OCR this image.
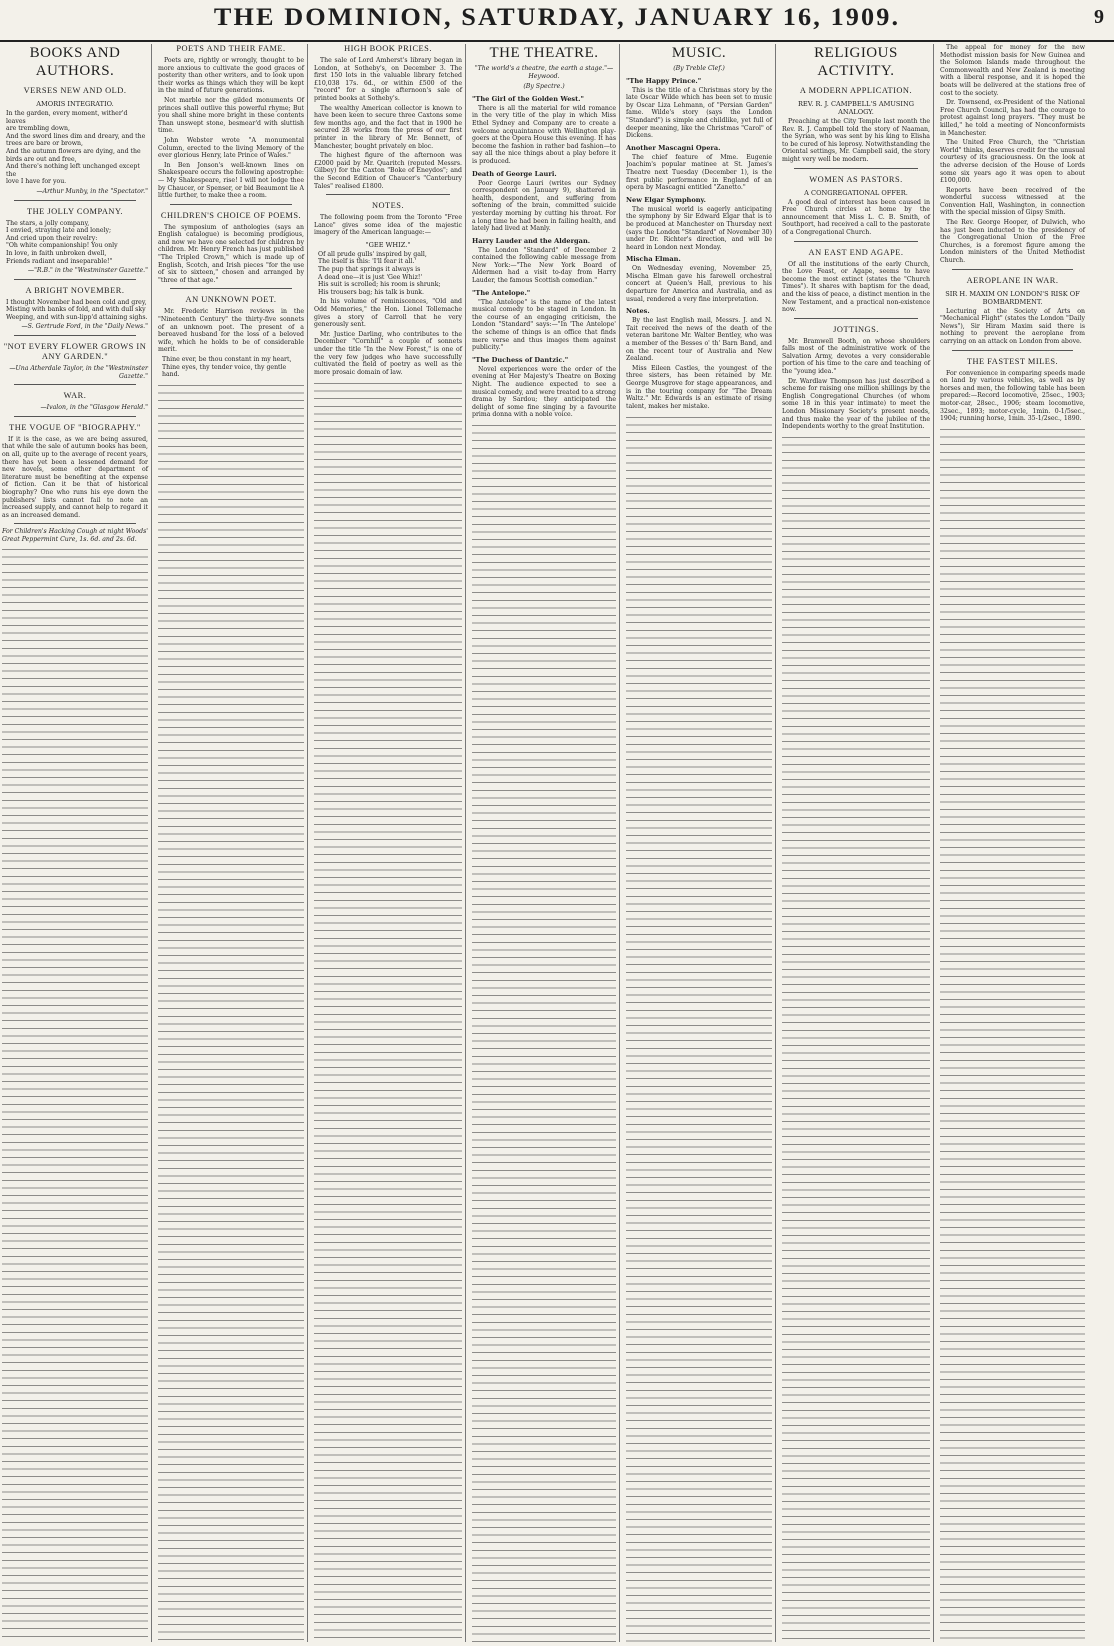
THE DOMINION, SATURDAY, JANUARY 16, 1909.	9
BOOKS AND AUTHORS.
VERSES NEW AND OLD.
AMORIS INTEGRATIO.

In the garden, every moment, wither'd leaves
are trembling down,
And the sword lines dim and dreary, and the
trees are bare or brown,
And the autumn flowers are dying, and the
birds are out and free,
And there's nothing left unchanged except the
love I have for you.

—Arthur Munby, in the "Spectator."

THE JOLLY COMPANY.

The stars, a jolly company,
I envied, straying late and lonely;
And cried upon their revelry:
"Oh white companionship! You only
In love, in faith unbroken dwell,
Friends radiant and inseparable!"

—"R.B." in the "Westminster Gazette."

A BRIGHT NOVEMBER.

I thought November had been cold and grey,
Misting with banks of fold, and with dull sky
Weeping, and with sun-lipp'd attaining sighs.

—S. Gertrude Ford, in the "Daily News."

"NOT EVERY FLOWER GROWS IN ANY GARDEN."

—Una Atherdale Taylor, in the "Westminster Gazette."

WAR.

—Ivalon, in the "Glasgow Herald."

THE VOGUE OF "BIOGRAPHY."

If it is the case, as we are being assured, that while the sale of autumn books has been, on all, quite up to the average of recent years, there has yet been a lessened demand for new novels, some other department of literature must be benefiting at the expense of fiction. Can it be that of historical biography? One who runs his eye down the publishers' lists cannot fail to note an increased supply, and cannot help to regard it as an increased demand.

For Children's Hacking Cough at night Woods' Great Peppermint Cure, 1s. 6d. and 2s. 6d.

POETS AND THEIR FAME.

Poets are, rightly or wrongly, thought to be more anxious to cultivate the good graces of posterity than other writers, and to look upon their works as things which they will be kept in the mind of future generations.

Not marble nor the gilded monuments Of princes shall outlive this powerful rhyme; But you shall shine more bright in these contents Than unswept stone, besmear'd with sluttish time.

John Webster wrote "A monumental Column, erected to the living Memory of the ever glorious Henry, late Prince of Wales."

In Ben Jonson's well-known lines on Shakespeare occurs the following apostrophe:— My Shakespeare, rise! I will not lodge thee by Chaucer, or Spenser, or bid Beaumont lie A little further, to make thee a room.

CHILDREN'S CHOICE OF POEMS.

The symposium of anthologies (says an English catalogue) is becoming prodigious, and now we have one selected for children by children. Mr. Henry French has just published "The Tripled Crown," which is made up of English, Scotch, and Irish pieces "for the use of six to sixteen," chosen and arranged by "three of that age."

AN UNKNOWN POET.

Mr. Frederic Harrison reviews in the "Nineteenth Century" the thirty-five sonnets of an unknown poet. The present of a bereaved husband for the loss of a beloved wife, which he holds to be of considerable merit.

Thine ever, be thou constant in my heart,
Thine eyes, thy tender voice, thy gentle hand.

HIGH BOOK PRICES.

The sale of Lord Amherst's library began in London, at Sotheby's, on December 3. The first 150 lots in the valuable library fetched £10,038 17s. 6d., or within £500 of the "record" for a single afternoon's sale of printed books at Sotheby's.

The wealthy American collector is known to have been keen to secure three Caxtons some few months ago, and the fact that in 1900 he secured 28 works from the press of our first printer in the library of Mr. Bennett, of Manchester, bought privately en bloc.

The highest figure of the afternoon was £2000 paid by Mr. Quaritch (reputed Messrs. Gilbey) for the Caxton "Boke of Eneydos"; and the Second Edition of Chaucer's "Canterbury Tales" realised £1800.

NOTES.

The following poem from the Toronto "Free Lance" gives some idea of the majestic imagery of the American language:—

"GEE WHIZ."

Of all prude gulls' inspired by gall,
The itself is this: 'I'll fear it all.'
The pup that springs it always is
A dead one—it is just 'Gee Whiz!'
His suit is scrolled; his room is shrunk;
His trousers bag; his talk is bunk.

In his volume of reminiscences, "Old and Odd Memories," the Hon. Lionel Tollemache gives a story of Carroll that he very generously sent.

Mr. Justice Darling, who contributes to the December "Cornhill" a couple of sonnets under the title "In the New Forest," is one of the very few judges who have successfully cultivated the field of poetry as well as the more prosaic domain of law.

THE THEATRE.

"The world's a theatre, the earth a stage."—Heywood.

(By Spectre.)

"The Girl of the Golden West."

There is all the material for wild romance in the very title of the play in which Miss Ethel Sydney and Company are to create a welcome acquaintance with Wellington play-goers at the Opera House this evening. It has become the fashion in rather bad fashion—to say all the nice things about a play before it is produced.

Death of George Lauri.

Poor George Lauri (writes our Sydney correspondent on January 9), shattered in health, despondent, and suffering from softening of the brain, committed suicide yesterday morning by cutting his throat. For a long time he had been in failing health, and lately had lived at Manly.

Harry Lauder and the Aldergan.

The London "Standard" of December 2 contained the following cable message from New York:—"The New York Board of Aldermen had a visit to-day from Harry Lauder, the famous Scottish comedian."

"The Antelope."

"The Antelope" is the name of the latest musical comedy to be staged in London. In the course of an engaging criticism, the London "Standard" says:—"In 'The Antelope' the scheme of things is an office that finds mere verse and thus images them against publicity."

"The Duchess of Dantzic."

Novel experiences were the order of the evening at Her Majesty's Theatre on Boxing Night. The audience expected to see a musical comedy, and were treated to a strong drama by Sardou; they anticipated the delight of some fine singing by a favourite prima donna with a noble voice.

MUSIC.

(By Treble Clef.)

"The Happy Prince."

This is the title of a Christmas story by the late Oscar Wilde which has been set to music by Oscar Liza Lehmann, of "Persian Garden" fame. Wilde's story (says the London "Standard") is simple and childlike, yet full of deeper meaning, like the Christmas "Carol" of Dickens.

Another Mascagni Opera.

The chief feature of Mme. Eugenie Joachim's popular matinee at St. James's Theatre next Tuesday (December 1), is the first public performance in England of an opera by Mascagni entitled "Zanetto."

New Elgar Symphony.

The musical world is eagerly anticipating the symphony by Sir Edward Elgar that is to be produced at Manchester on Thursday next (says the London "Standard" of November 30) under Dr. Richter's direction, and will be heard in London next Monday.

Mischa Elman.

On Wednesday evening, November 25, Mischa Elman gave his farewell orchestral concert at Queen's Hall, previous to his departure for America and Australia, and as usual, rendered a very fine interpretation.

Notes.

By the last English mail, Messrs. J. and N. Tait received the news of the death of the veteran baritone Mr. Walter Bentley, who was a member of the Besses o' th' Barn Band, and on the recent tour of Australia and New Zealand.

Miss Eileen Castles, the youngest of the three sisters, has been retained by Mr. George Musgrove for stage appearances, and is in the touring company for "The Dream Waltz." Mr. Edwards is an estimate of rising talent, makes her mistake.

RELIGIOUS ACTIVITY.
A MODERN APPLICATION.
REV. R. J. CAMPBELL'S AMUSING ANALOGY.

Preaching at the City Temple last month the Rev. R. J. Campbell told the story of Naaman, the Syrian, who was sent by his king to Elisha to be cured of his leprosy. Notwithstanding the Oriental settings, Mr. Campbell said, the story might very well be modern.

WOMEN AS PASTORS.
A CONGREGATIONAL OFFER.

A good deal of interest has been caused in Free Church circles at home by the announcement that Miss L. C. B. Smith, of Southport, had received a call to the pastorate of a Congregational Church.

AN EAST END AGAPE.

Of all the institutions of the early Church, the Love Feast, or Agape, seems to have become the most extinct (states the "Church Times"). It shares with baptism for the dead, and the kiss of peace, a distinct mention in the New Testament, and a practical non-existence now.

JOTTINGS.

Mr. Bramwell Booth, on whose shoulders falls most of the administrative work of the Salvation Army, devotes a very considerable portion of his time to the care and teaching of the "young idea."

Dr. Wardlaw Thompson has just described a scheme for raising one million shillings by the English Congregational Churches (of whom some 18 in this year intimate) to meet the London Missionary Society's present needs, and thus make the year of the jubilee of the Independents worthy to the great Institution.

The appeal for money for the new Methodist mission basis for New Guinea and the Solomon Islands made throughout the Commonwealth and New Zealand is meeting with a liberal response, and it is hoped the boats will be delivered at the stations free of cost to the society.

Dr. Townsend, ex-President of the National Free Church Council, has had the courage to protest against long prayers. "They must be killed," he told a meeting of Nonconformists in Manchester.

The United Free Church, the "Christian World" thinks, deserves credit for the unusual courtesy of its graciousness. On the look at the adverse decision of the House of Lords some six years ago it was open to about £100,000.

Reports have been received of the wonderful success witnessed at the Convention Hall, Washington, in connection with the special mission of Gipsy Smith.

The Rev. George Hooper, of Dulwich, who has just been inducted to the presidency of the Congregational Union of the Free Churches, is a foremost figure among the London ministers of the United Methodist Church.

AEROPLANE IN WAR.
SIR H. MAXIM ON LONDON'S RISK OF BOMBARDMENT.

Lecturing at the Society of Arts on "Mechanical Flight" (states the London "Daily News"), Sir Hiram Maxim said there is nothing to prevent the aeroplane from carrying on an attack on London from above.

THE FASTEST MILES.

For convenience in comparing speeds made on land by various vehicles, as well as by horses and men, the following table has been prepared:—Record locomotive, 25sec., 1903; motor-car, 28sec., 1906; steam locomotive, 32sec., 1893; motor-cycle, 1min. 0-1/5sec., 1904; running horse, 1min. 35-1/2sec., 1890.
